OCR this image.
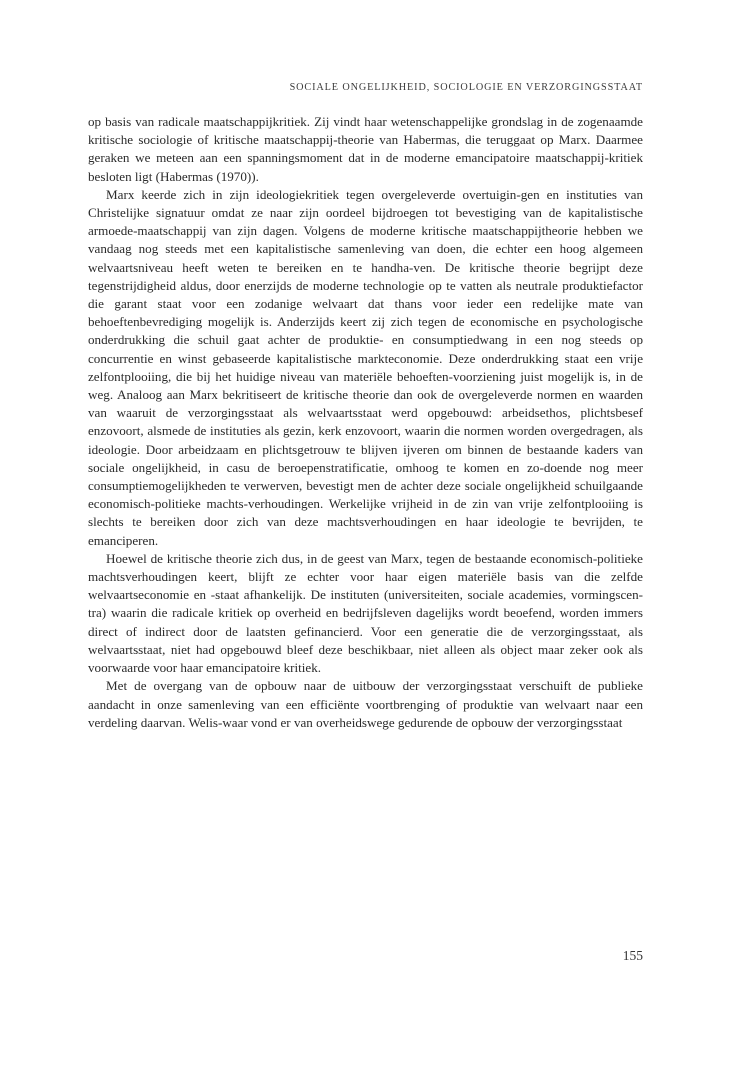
SOCIALE ONGELIJKHEID, SOCIOLOGIE EN VERZORGINGSSTAAT

op basis van radicale maatschappijkritiek. Zij vindt haar wetenschappelijke grondslag in de zogenaamde kritische sociologie of kritische maatschappij-theorie van Habermas, die teruggaat op Marx. Daarmee geraken we meteen aan een spanningsmoment dat in de moderne emancipatoire maatschappij-kritiek besloten ligt (Habermas (1970)).

Marx keerde zich in zijn ideologiekritiek tegen overgeleverde overtuigin-gen en instituties van Christelijke signatuur omdat ze naar zijn oordeel bijdroegen tot bevestiging van de kapitalistische armoede-maatschappij van zijn dagen. Volgens de moderne kritische maatschappijtheorie hebben we vandaag nog steeds met een kapitalistische samenleving van doen, die echter een hoog algemeen welvaartsniveau heeft weten te bereiken en te handha-ven. De kritische theorie begrijpt deze tegenstrijdigheid aldus, door enerzijds de moderne technologie op te vatten als neutrale produktiefactor die garant staat voor een zodanige welvaart dat thans voor ieder een redelijke mate van behoeftenbevrediging mogelijk is. Anderzijds keert zij zich tegen de economische en psychologische onderdrukking die schuil gaat achter de produktie- en consumptiedwang in een nog steeds op concurrentie en winst gebaseerde kapitalistische markteconomie. Deze onderdrukking staat een vrije zelfontplooiing, die bij het huidige niveau van materiële behoeften-voorziening juist mogelijk is, in de weg. Analoog aan Marx bekritiseert de kritische theorie dan ook de overgeleverde normen en waarden van waaruit de verzorgingsstaat als welvaartsstaat werd opgebouwd: arbeidsethos, plichtsbesef enzovoort, alsmede de instituties als gezin, kerk enzovoort, waarin die normen worden overgedragen, als ideologie. Door arbeidzaam en plichtsgetrouw te blijven ijveren om binnen de bestaande kaders van sociale ongelijkheid, in casu de beroepenstratificatie, omhoog te komen en zo-doende nog meer consumptiemogelijkheden te verwerven, bevestigt men de achter deze sociale ongelijkheid schuilgaande economisch-politieke machts-verhoudingen. Werkelijke vrijheid in de zin van vrije zelfontplooiing is slechts te bereiken door zich van deze machtsverhoudingen en haar ideologie te bevrijden, te emanciperen.

Hoewel de kritische theorie zich dus, in de geest van Marx, tegen de bestaande economisch-politieke machtsverhoudingen keert, blijft ze echter voor haar eigen materiële basis van die zelfde welvaartseconomie en -staat afhankelijk. De instituten (universiteiten, sociale academies, vormingscen-tra) waarin die radicale kritiek op overheid en bedrijfsleven dagelijks wordt beoefend, worden immers direct of indirect door de laatsten gefinancierd. Voor een generatie die de verzorgingsstaat, als welvaartsstaat, niet had opgebouwd bleef deze beschikbaar, niet alleen als object maar zeker ook als voorwaarde voor haar emancipatoire kritiek.

Met de overgang van de opbouw naar de uitbouw der verzorgingsstaat verschuift de publieke aandacht in onze samenleving van een efficiënte voortbrenging of produktie van welvaart naar een verdeling daarvan. Welis-waar vond er van overheidswege gedurende de opbouw der verzorgingsstaat

155
